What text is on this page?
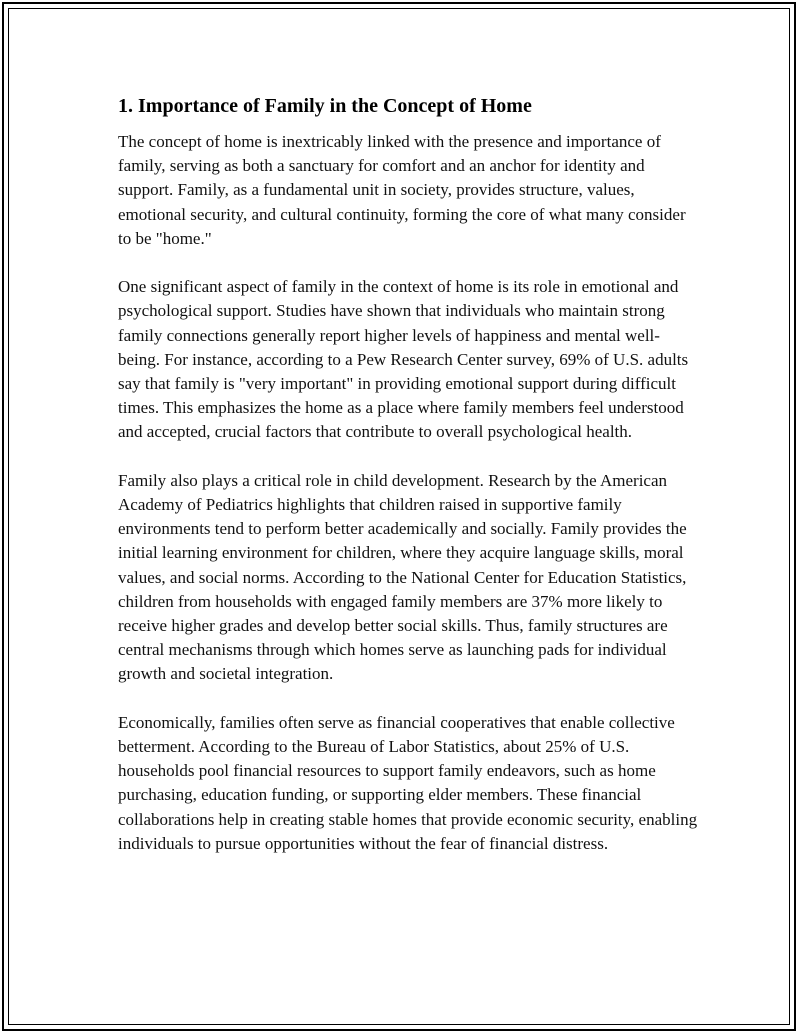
1. Importance of Family in the Concept of Home

The concept of home is inextricably linked with the presence and importance of family, serving as both a sanctuary for comfort and an anchor for identity and support. Family, as a fundamental unit in society, provides structure, values, emotional security, and cultural continuity, forming the core of what many consider to be "home."

One significant aspect of family in the context of home is its role in emotional and psychological support. Studies have shown that individuals who maintain strong family connections generally report higher levels of happiness and mental well-being. For instance, according to a Pew Research Center survey, 69% of U.S. adults say that family is "very important" in providing emotional support during difficult times. This emphasizes the home as a place where family members feel understood and accepted, crucial factors that contribute to overall psychological health.

Family also plays a critical role in child development. Research by the American Academy of Pediatrics highlights that children raised in supportive family environments tend to perform better academically and socially. Family provides the initial learning environment for children, where they acquire language skills, moral values, and social norms. According to the National Center for Education Statistics, children from households with engaged family members are 37% more likely to receive higher grades and develop better social skills. Thus, family structures are central mechanisms through which homes serve as launching pads for individual growth and societal integration.

Economically, families often serve as financial cooperatives that enable collective betterment. According to the Bureau of Labor Statistics, about 25% of U.S. households pool financial resources to support family endeavors, such as home purchasing, education funding, or supporting elder members. These financial collaborations help in creating stable homes that provide economic security, enabling individuals to pursue opportunities without the fear of financial distress.
